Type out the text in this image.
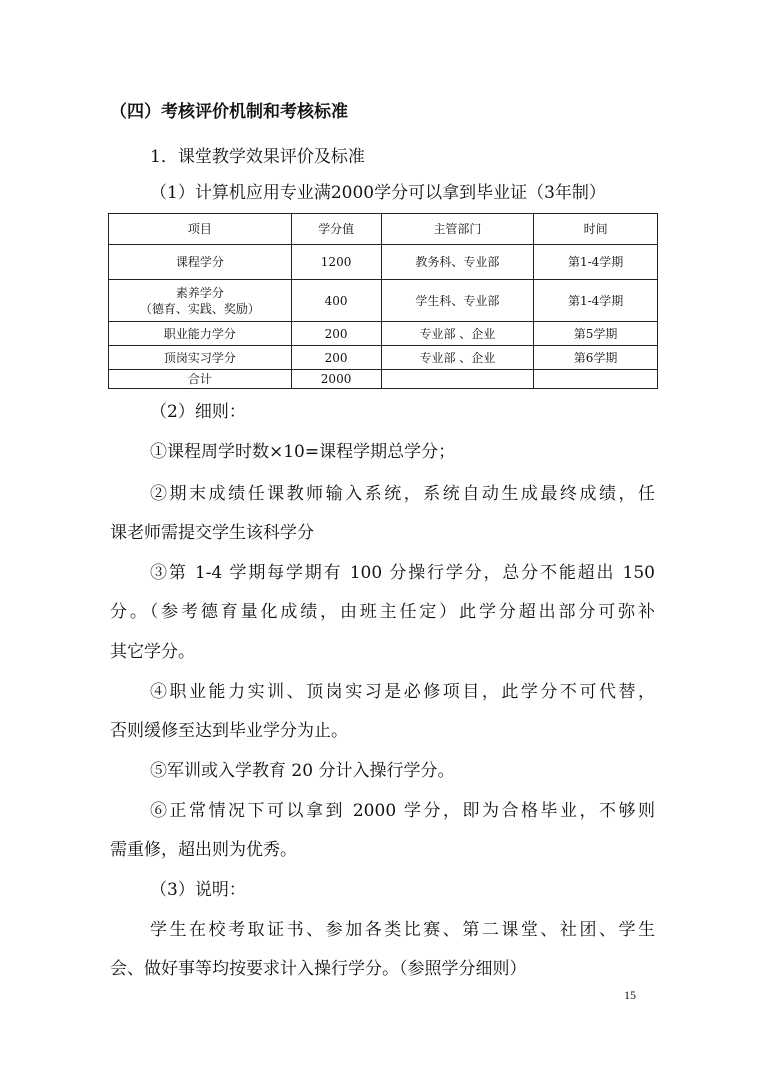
（四）考核评价机制和考核标准
1．课堂教学效果评价及标准
（1）计算机应用专业满2000学分可以拿到毕业证（3年制）
项目	学分值	主管部门	时间
课程学分	1200	教务科、专业部	第1-4学期

素养学分
（德育、实践、奖励）	400	学生科、专业部	第1-4学期
职业能力学分	200	专业部 、企业	第5学期
顶岗实习学分	200	专业部 、企业	第6学期
合计	2000		
（2）细则：
①课程周学时数×10=课程学期总学分；
②期末成绩任课教师输入系统，系统自动生成最终成绩，任
课老师需提交学生该科学分
③第 1-4 学期每学期有 100 分操行学分，总分不能超出 150
分。（参考德育量化成绩，由班主任定）此学分超出部分可弥补
其它学分。
④职业能力实训、顶岗实习是必修项目，此学分不可代替，
否则缓修至达到毕业学分为止。
⑤军训或入学教育 20 分计入操行学分。
⑥正常情况下可以拿到 2000 学分，即为合格毕业，不够则
需重修，超出则为优秀。
（3）说明：
学生在校考取证书、参加各类比赛、第二课堂、社团、学生
会、做好事等均按要求计入操行学分。（参照学分细则）
15
